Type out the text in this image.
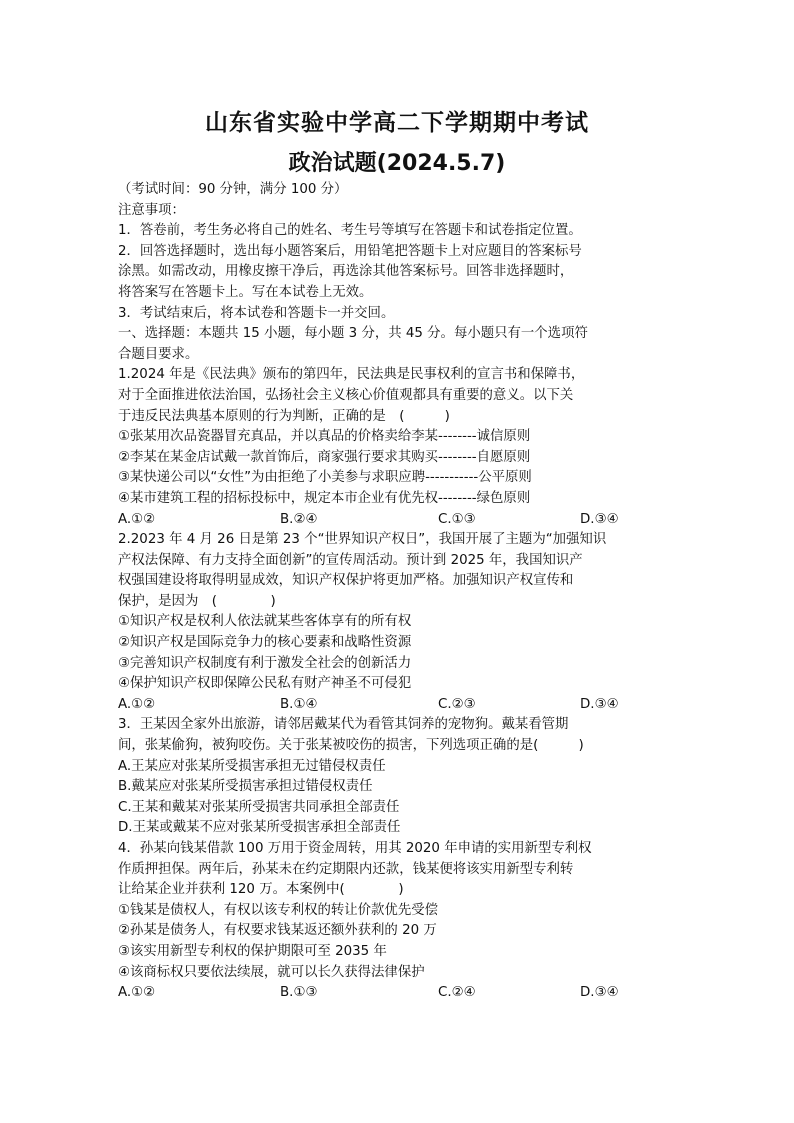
山东省实验中学高二下学期期中考试
政治试题(2024.5.7)
（考试时间：90 分钟，满分 100 分）
注意事项：
1．答卷前，考生务必将自己的姓名、考生号等填写在答题卡和试卷指定位置。
2．回答选择题时，选出每小题答案后，用铅笔把答题卡上对应题目的答案标号
涂黑。如需改动，用橡皮擦干净后，再选涂其他答案标号。回答非选择题时，
将答案写在答题卡上。写在本试卷上无效。
3．考试结束后，将本试卷和答题卡一并交回。
一、选择题：本题共 15 小题，每小题 3 分，共 45 分。每小题只有一个选项符
合题目要求。
1.2024 年是《民法典》颁布的第四年，民法典是民事权利的宣言书和保障书，
对于全面推进依法治国，弘扬社会主义核心价值观都具有重要的意义。以下关
于违反民法典基本原则的行为判断，正确的是　(　　　)
①张某用次品瓷器冒充真品，并以真品的价格卖给李某--------诚信原则
②李某在某金店试戴一款首饰后，商家强行要求其购买--------自愿原则
③某快递公司以“女性”为由拒绝了小美参与求职应聘-----------公平原则
④某市建筑工程的招标投标中，规定本市企业有优先权--------绿色原则
A.①②	B.②④	C.①③	D.③④
2.2023 年 4 月 26 日是第 23 个“世界知识产权日”，我国开展了主题为“加强知识
产权法保障、有力支持全面创新”的宣传周活动。预计到 2025 年，我国知识产
权强国建设将取得明显成效，知识产权保护将更加严格。加强知识产权宣传和
保护，是因为　(　　　　)
①知识产权是权利人依法就某些客体享有的所有权
②知识产权是国际竞争力的核心要素和战略性资源
③完善知识产权制度有利于激发全社会的创新活力
④保护知识产权即保障公民私有财产神圣不可侵犯
A.①②	B.①④	C.②③	D.③④
3．王某因全家外出旅游，请邻居戴某代为看管其饲养的宠物狗。戴某看管期
间，张某偷狗，被狗咬伤。关于张某被咬伤的损害，下列选项正确的是(　　　)
A.王某应对张某所受损害承担无过错侵权责任
B.戴某应对张某所受损害承担过错侵权责任
C.王某和戴某对张某所受损害共同承担全部责任
D.王某或戴某不应对张某所受损害承担全部责任
4．孙某向钱某借款 100 万用于资金周转，用其 2020 年申请的实用新型专利权
作质押担保。两年后，孙某未在约定期限内还款，钱某便将该实用新型专利转
让给某企业并获利 120 万。本案例中(　　　　)
①钱某是债权人，有权以该专利权的转让价款优先受偿
②孙某是债务人，有权要求钱某返还额外获利的 20 万
③该实用新型专利权的保护期限可至 2035 年
④该商标权只要依法续展，就可以长久获得法律保护
A.①②	B.①③	C.②④	D.③④
